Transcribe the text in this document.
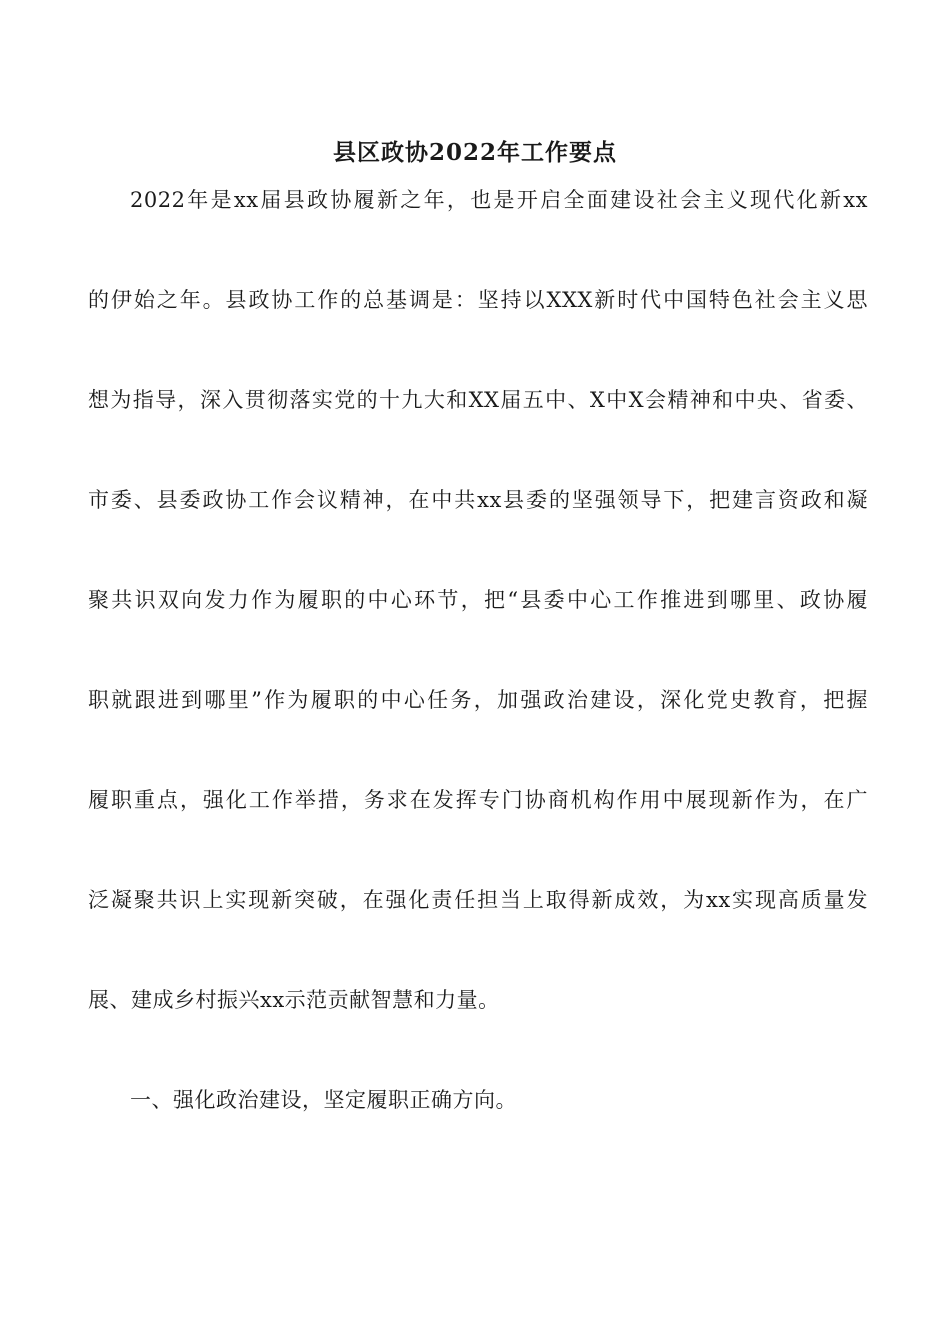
县区政协2022年工作要点
2022年是xx届县政协履新之年，也是开启全面建设社会主义现代化新xx
的伊始之年。县政协工作的总基调是：坚持以XXX新时代中国特色社会主义思
想为指导，深入贯彻落实党的十九大和XX届五中、X中X会精神和中央、省委、
市委、县委政协工作会议精神，在中共xx县委的坚强领导下，把建言资政和凝
聚共识双向发力作为履职的中心环节，把“县委中心工作推进到哪里、政协履
职就跟进到哪里”作为履职的中心任务，加强政治建设，深化党史教育，把握
履职重点，强化工作举措，务求在发挥专门协商机构作用中展现新作为，在广
泛凝聚共识上实现新突破，在强化责任担当上取得新成效，为xx实现高质量发
展、建成乡村振兴xx示范贡献智慧和力量。
一、强化政治建设，坚定履职正确方向。
